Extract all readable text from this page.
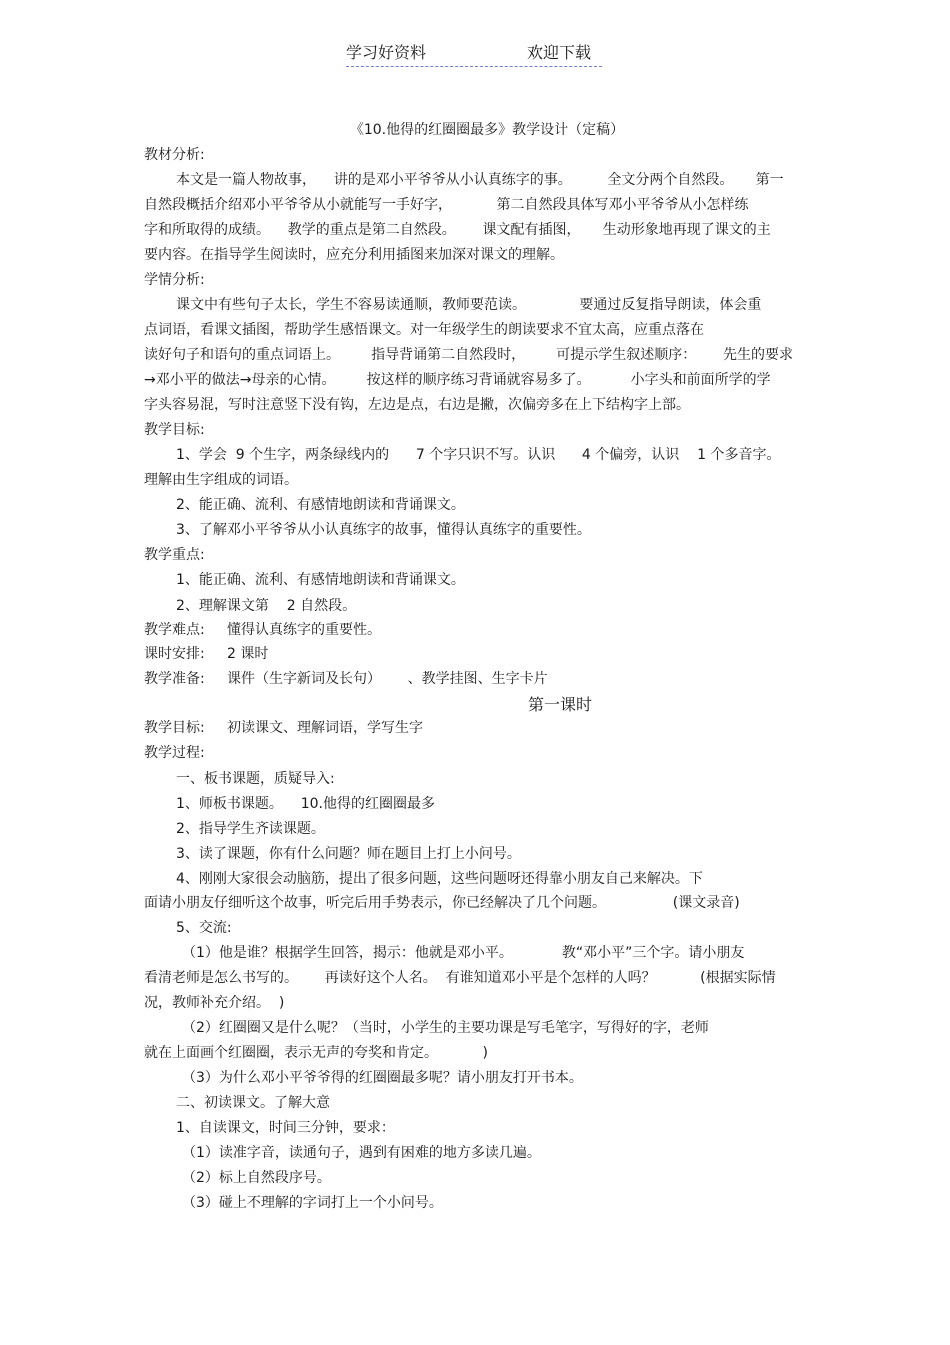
学习好资料	欢迎下载
《10.他得的红圈圈最多》教学设计（定稿）
教材分析:
本文是一篇人物故事，    讲的是邓小平爷爷从小认真练字的事。        全文分两个自然段。     第一
自然段概括介绍邓小平爷爷从小就能写一手好字，          第二自然段具体写邓小平爷爷从小怎样练
字和所取得的成绩。    教学的重点是第二自然段。      课文配有插图，     生动形象地再现了课文的主
要内容。在指导学生阅读时，应充分利用插图来加深对课文的理解。
学情分析:
课文中有些句子太长，学生不容易读通顺，教师要范读。            要通过反复指导朗读，体会重
点词语，看课文插图，帮助学生感悟课文。对一年级学生的朗读要求不宜太高，应重点落在
读好句子和语句的重点词语上。       指导背诵第二自然段时，       可提示学生叙述顺序：      先生的要求
→邓小平的做法→母亲的心情。       按这样的顺序练习背诵就容易多了。         小字头和前面所学的学
字头容易混，写时注意竖下没有钩，左边是点，右边是撇，次偏旁多在上下结构字上部。
教学目标:
1、学会  9 个生字，两条绿线内的      7 个字只识不写。认识      4 个偏旁，认识    1 个多音字。
理解由生字组成的词语。
2、能正确、流利、有感情地朗读和背诵课文。
3、了解邓小平爷爷从小认真练字的故事，懂得认真练字的重要性。
教学重点:
1、能正确、流利、有感情地朗读和背诵课文。
2、理解课文第    2 自然段。
教学难点:     懂得认真练字的重要性。
课时安排:     2 课时
教学准备:     课件（生字新词及长句）      、教学挂图、生字卡片
第一课时
教学目标:     初读课文、理解词语，学写生字
教学过程:
一、板书课题，质疑导入:
1、师板书课题。    10.他得的红圈圈最多
2、指导学生齐读课题。
3、读了课题，你有什么问题？师在题目上打上小问号。
4、刚刚大家很会动脑筋，提出了很多问题，这些问题呀还得靠小朋友自己来解决。下
面请小朋友仔细听这个故事，听完后用手势表示，你已经解决了几个问题。               (课文录音)
5、交流:
（1）他是谁？根据学生回答，揭示：他就是邓小平。           教“邓小平”三个字。请小朋友
看清老师是怎么书写的。      再读好这个人名。  有谁知道邓小平是个怎样的人吗？          (根据实际情
况，教师补充介绍。  )
（2）红圈圈又是什么呢？（当时，小学生的主要功课是写毛笔字，写得好的字，老师
就在上面画个红圈圈，表示无声的夸奖和肯定。          )
（3）为什么邓小平爷爷得的红圈圈最多呢？请小朋友打开书本。
二、初读课文。了解大意
1、自读课文，时间三分钟，要求：
（1）读准字音，读通句子，遇到有困难的地方多读几遍。
（2）标上自然段序号。
（3）碰上不理解的字词打上一个小问号。
